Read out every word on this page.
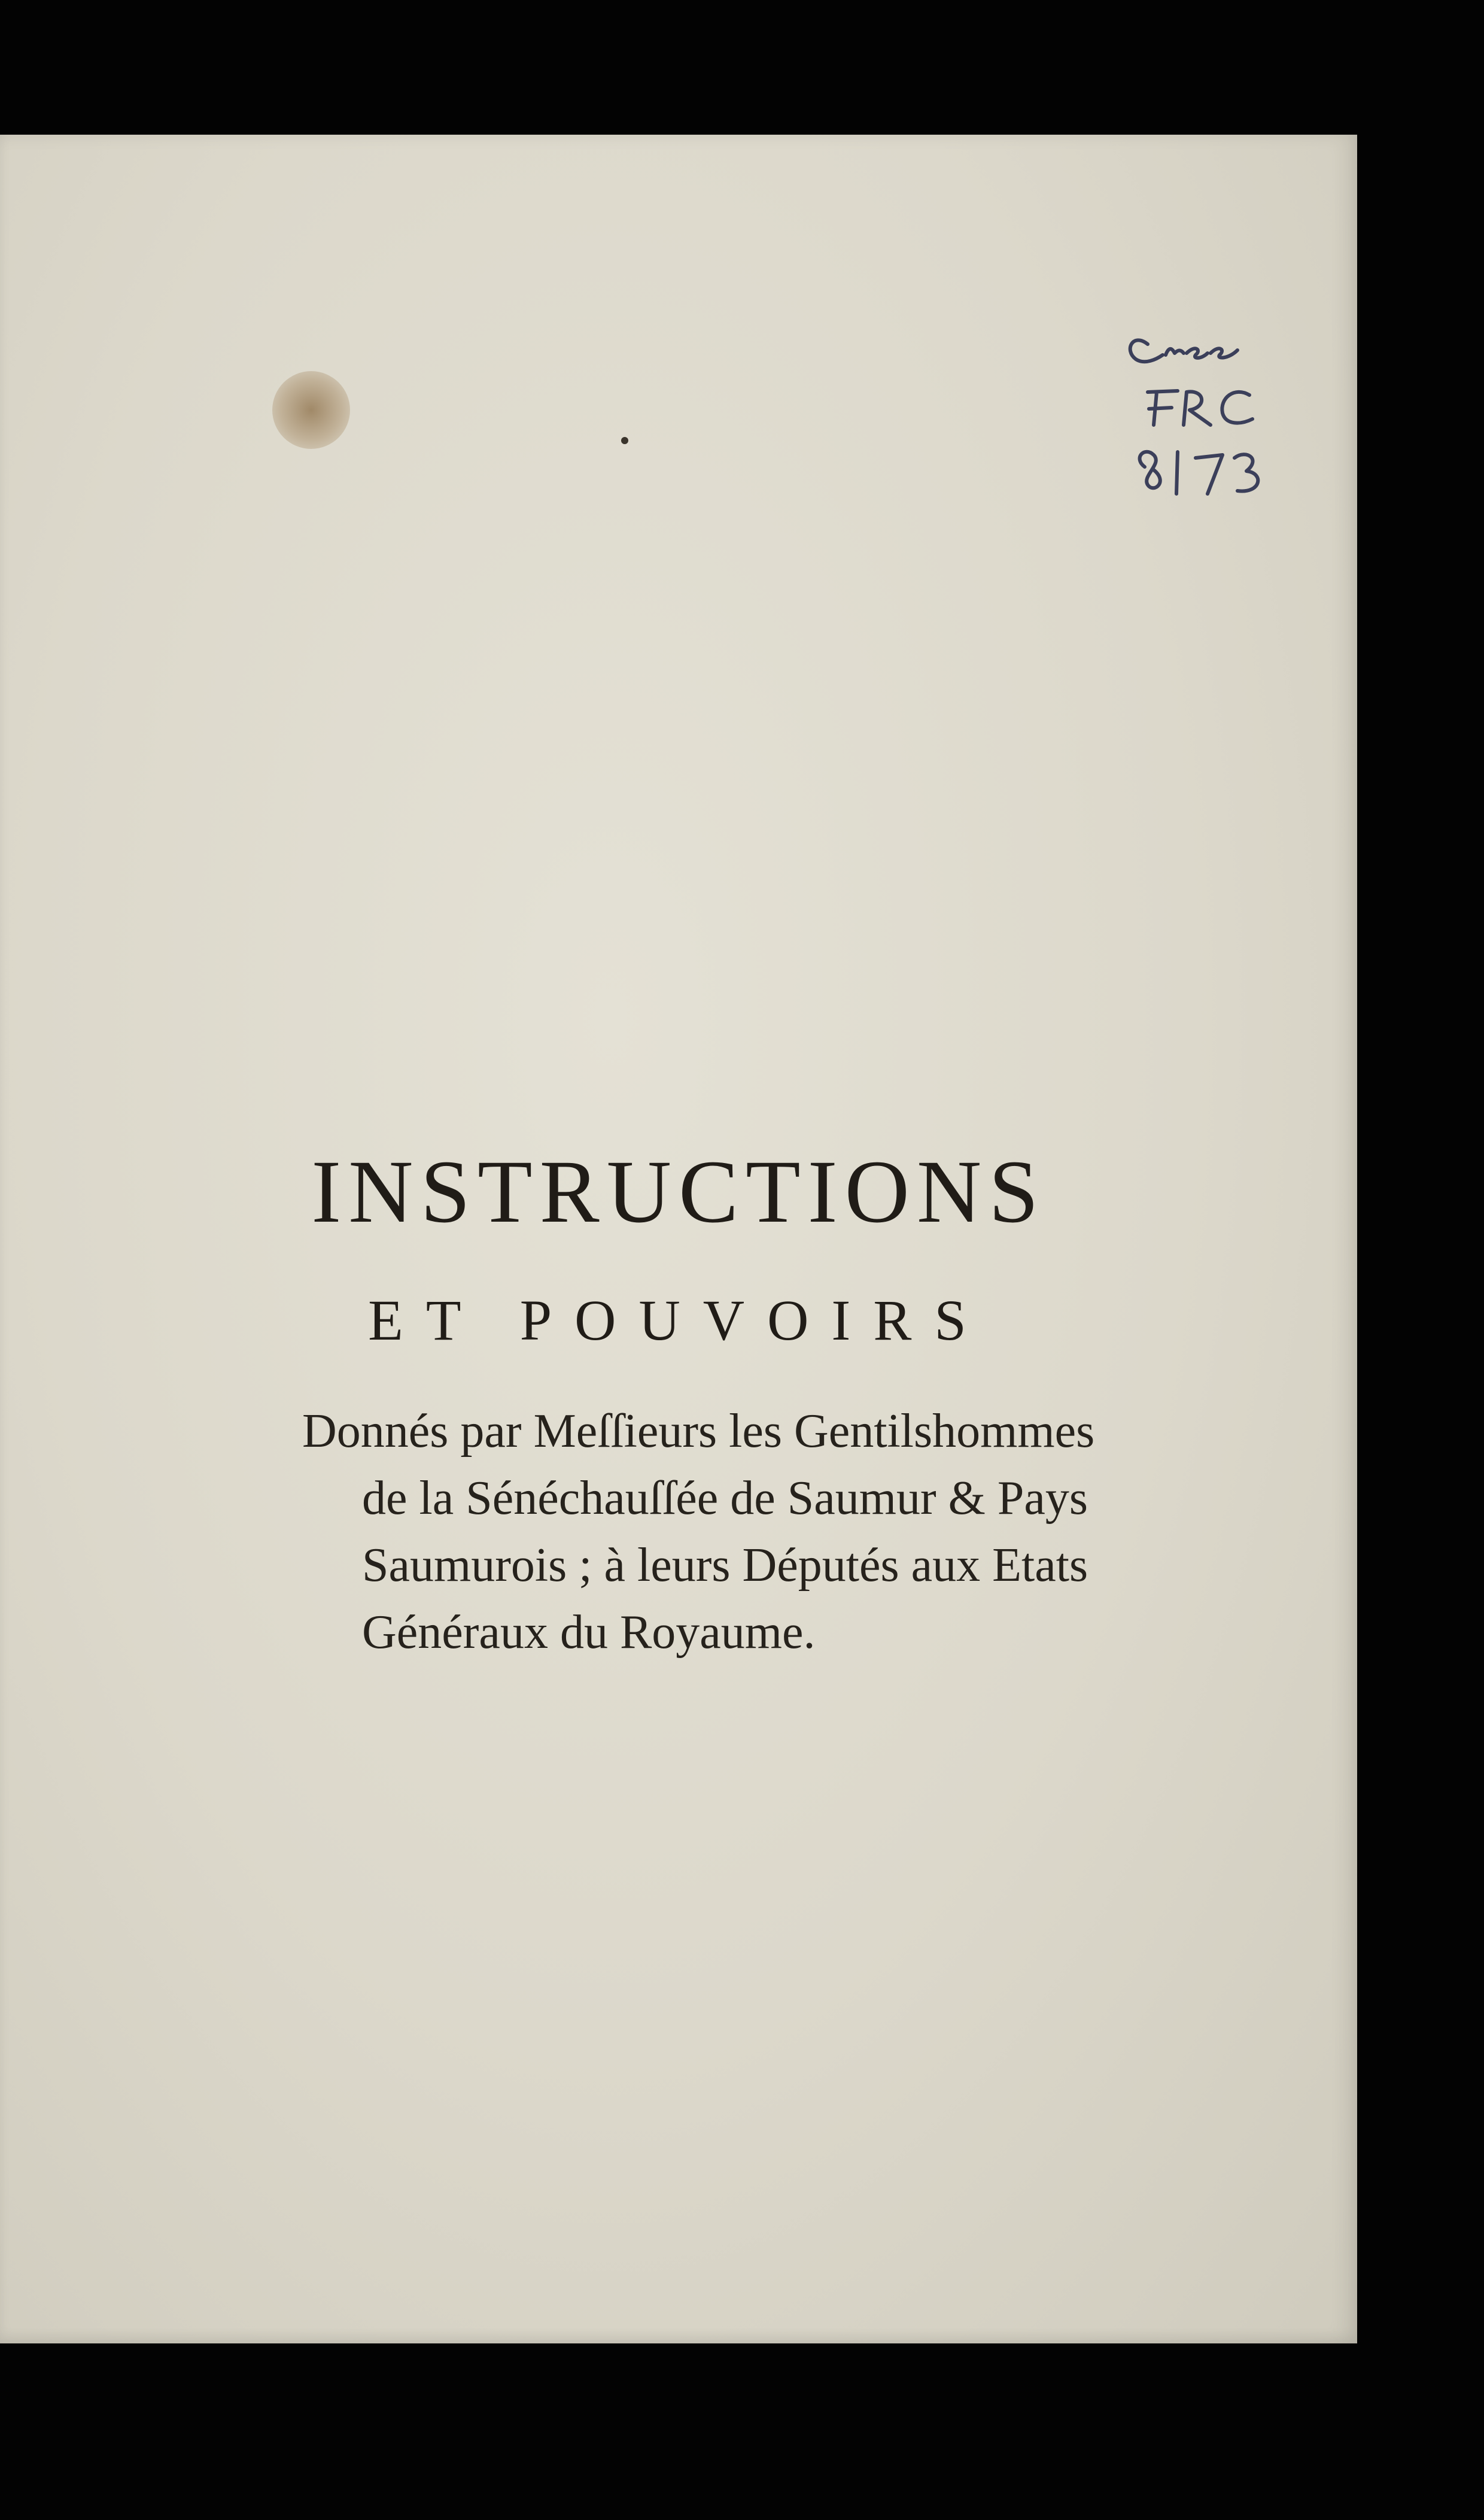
INSTRUCTIONS
ET POUVOIRS
Donnés par Meſſieurs les Gentilshommes
de la Sénéchauſſée de Saumur & Pays
Saumurois ; à leurs Députés aux Etats
Généraux du Royaume.
